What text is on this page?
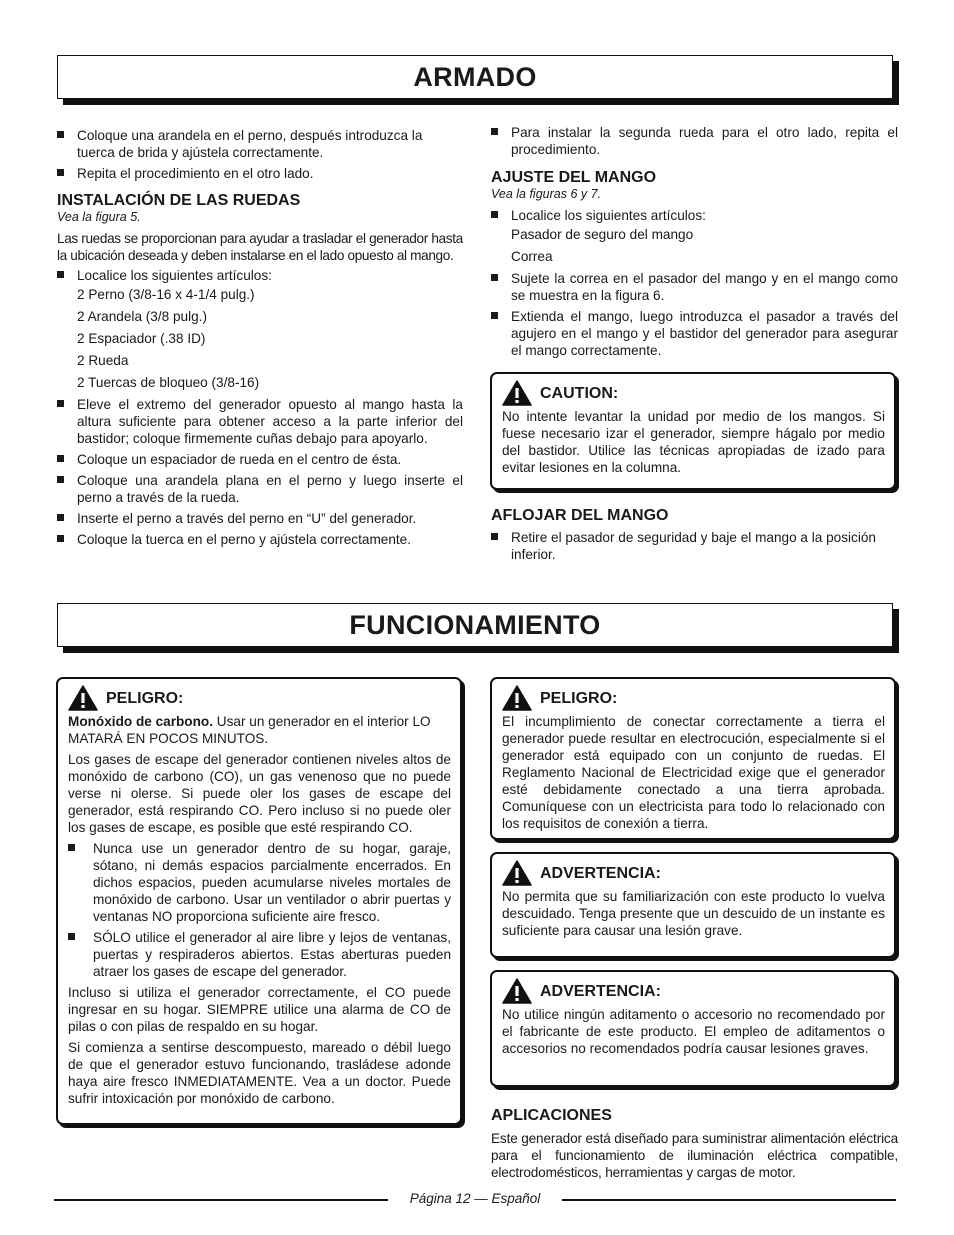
ARMADO
Coloque una arandela en el perno, después introduzca la tuerca de brida y ajústela correctamente.
Repita el procedimiento en el otro lado.
INSTALACIÓN DE LAS RUEDAS
Vea la figura 5.

Las ruedas se proporcionan para ayudar a trasladar el generador hasta la ubicación deseada y deben instalarse en el lado opuesto al mango.

Localice los siguientes artículos:
2 Perno (3/8-16 x 4-1/4 pulg.)
2 Arandela (3/8 pulg.)
2 Espaciador (.38 ID)
2 Rueda
2 Tuercas de bloqueo (3/8-16)
Eleve el extremo del generador opuesto al mango hasta la altura suficiente para obtener acceso a la parte inferior del bastidor; coloque firmemente cuñas debajo para apoyarlo.
Coloque un espaciador de rueda en el centro de ésta.
Coloque una arandela plana en el perno y luego inserte el perno a través de la rueda.
Inserte el perno a través del perno en “U” del generador.
Coloque la tuerca en el perno y ajústela correctamente.
Para instalar la segunda rueda para el otro lado, repita el procedimiento.
AJUSTE DEL MANGO
Vea la figuras 6 y 7.
Localice los siguientes artículos:
Pasador de seguro del mango
Correa
Sujete la correa en el pasador del mango y en el mango como se muestra en la figura 6.
Extienda el mango, luego introduzca el pasador a través del agujero en el mango y el bastidor del generador para asegurar el mango correctamente.
CAUTION:
No intente levantar la unidad por medio de los mangos. Si fuese necesario izar el generador, siempre hágalo por medio del bastidor. Utilice las técnicas apropiadas de izado para evitar lesiones en la columna.
AFLOJAR DEL MANGO
Retire el pasador de seguridad y baje el mango a la posición inferior.
FUNCIONAMIENTO
PELIGRO:

Monóxido de carbono. Usar un generador en el interior LO MATARÁ EN POCOS MINUTOS.

Los gases de escape del generador contienen niveles altos de monóxido de carbono (CO), un gas venenoso que no puede verse ni olerse. Si puede oler los gases de escape del generador, está respirando CO. Pero incluso si no puede oler los gases de escape, es posible que esté respirando CO.

Nunca use un generador dentro de su hogar, garaje, sótano, ni demás espacios parcialmente encerrados. En dichos espacios, pueden acumularse niveles mortales de monóxido de carbono. Usar un ventilador o abrir puertas y ventanas NO proporciona suficiente aire fresco.
SÓLO utilice el generador al aire libre y lejos de ventanas, puertas y respiraderos abiertos. Estas aberturas pueden atraer los gases de escape del generador.

Incluso si utiliza el generador correctamente, el CO puede ingresar en su hogar. SIEMPRE utilice una alarma de CO de pilas o con pilas de respaldo en su hogar.

Si comienza a sentirse descompuesto, mareado o débil luego de que el generador estuvo funcionando, trasládese adonde haya aire fresco INMEDIATAMENTE. Vea a un doctor. Puede sufrir intoxicación por monóxido de carbono.

PELIGRO:
El incumplimiento de conectar correctamente a tierra el generador puede resultar en electrocución, especialmente si el generador está equipado con un conjunto de ruedas. El Reglamento Nacional de Electricidad exige que el generador esté debidamente conectado a una tierra aprobada. Comuníquese con un electricista para todo lo relacionado con los requisitos de conexión a tierra.
ADVERTENCIA:
No permita que su familiarización con este producto lo vuelva descuidado. Tenga presente que un descuido de un instante es suficiente para causar una lesión grave.
ADVERTENCIA:
No utilice ningún aditamento o accesorio no recomendado por el fabricante de este producto. El empleo de aditamentos o accesorios no recomendados podría causar lesiones graves.
APLICACIONES
Este generador está diseñado para suministrar alimentación eléctrica para el funcionamiento de iluminación eléctrica compatible, electrodomésticos, herramientas y cargas de motor.
Página 12 — Español
